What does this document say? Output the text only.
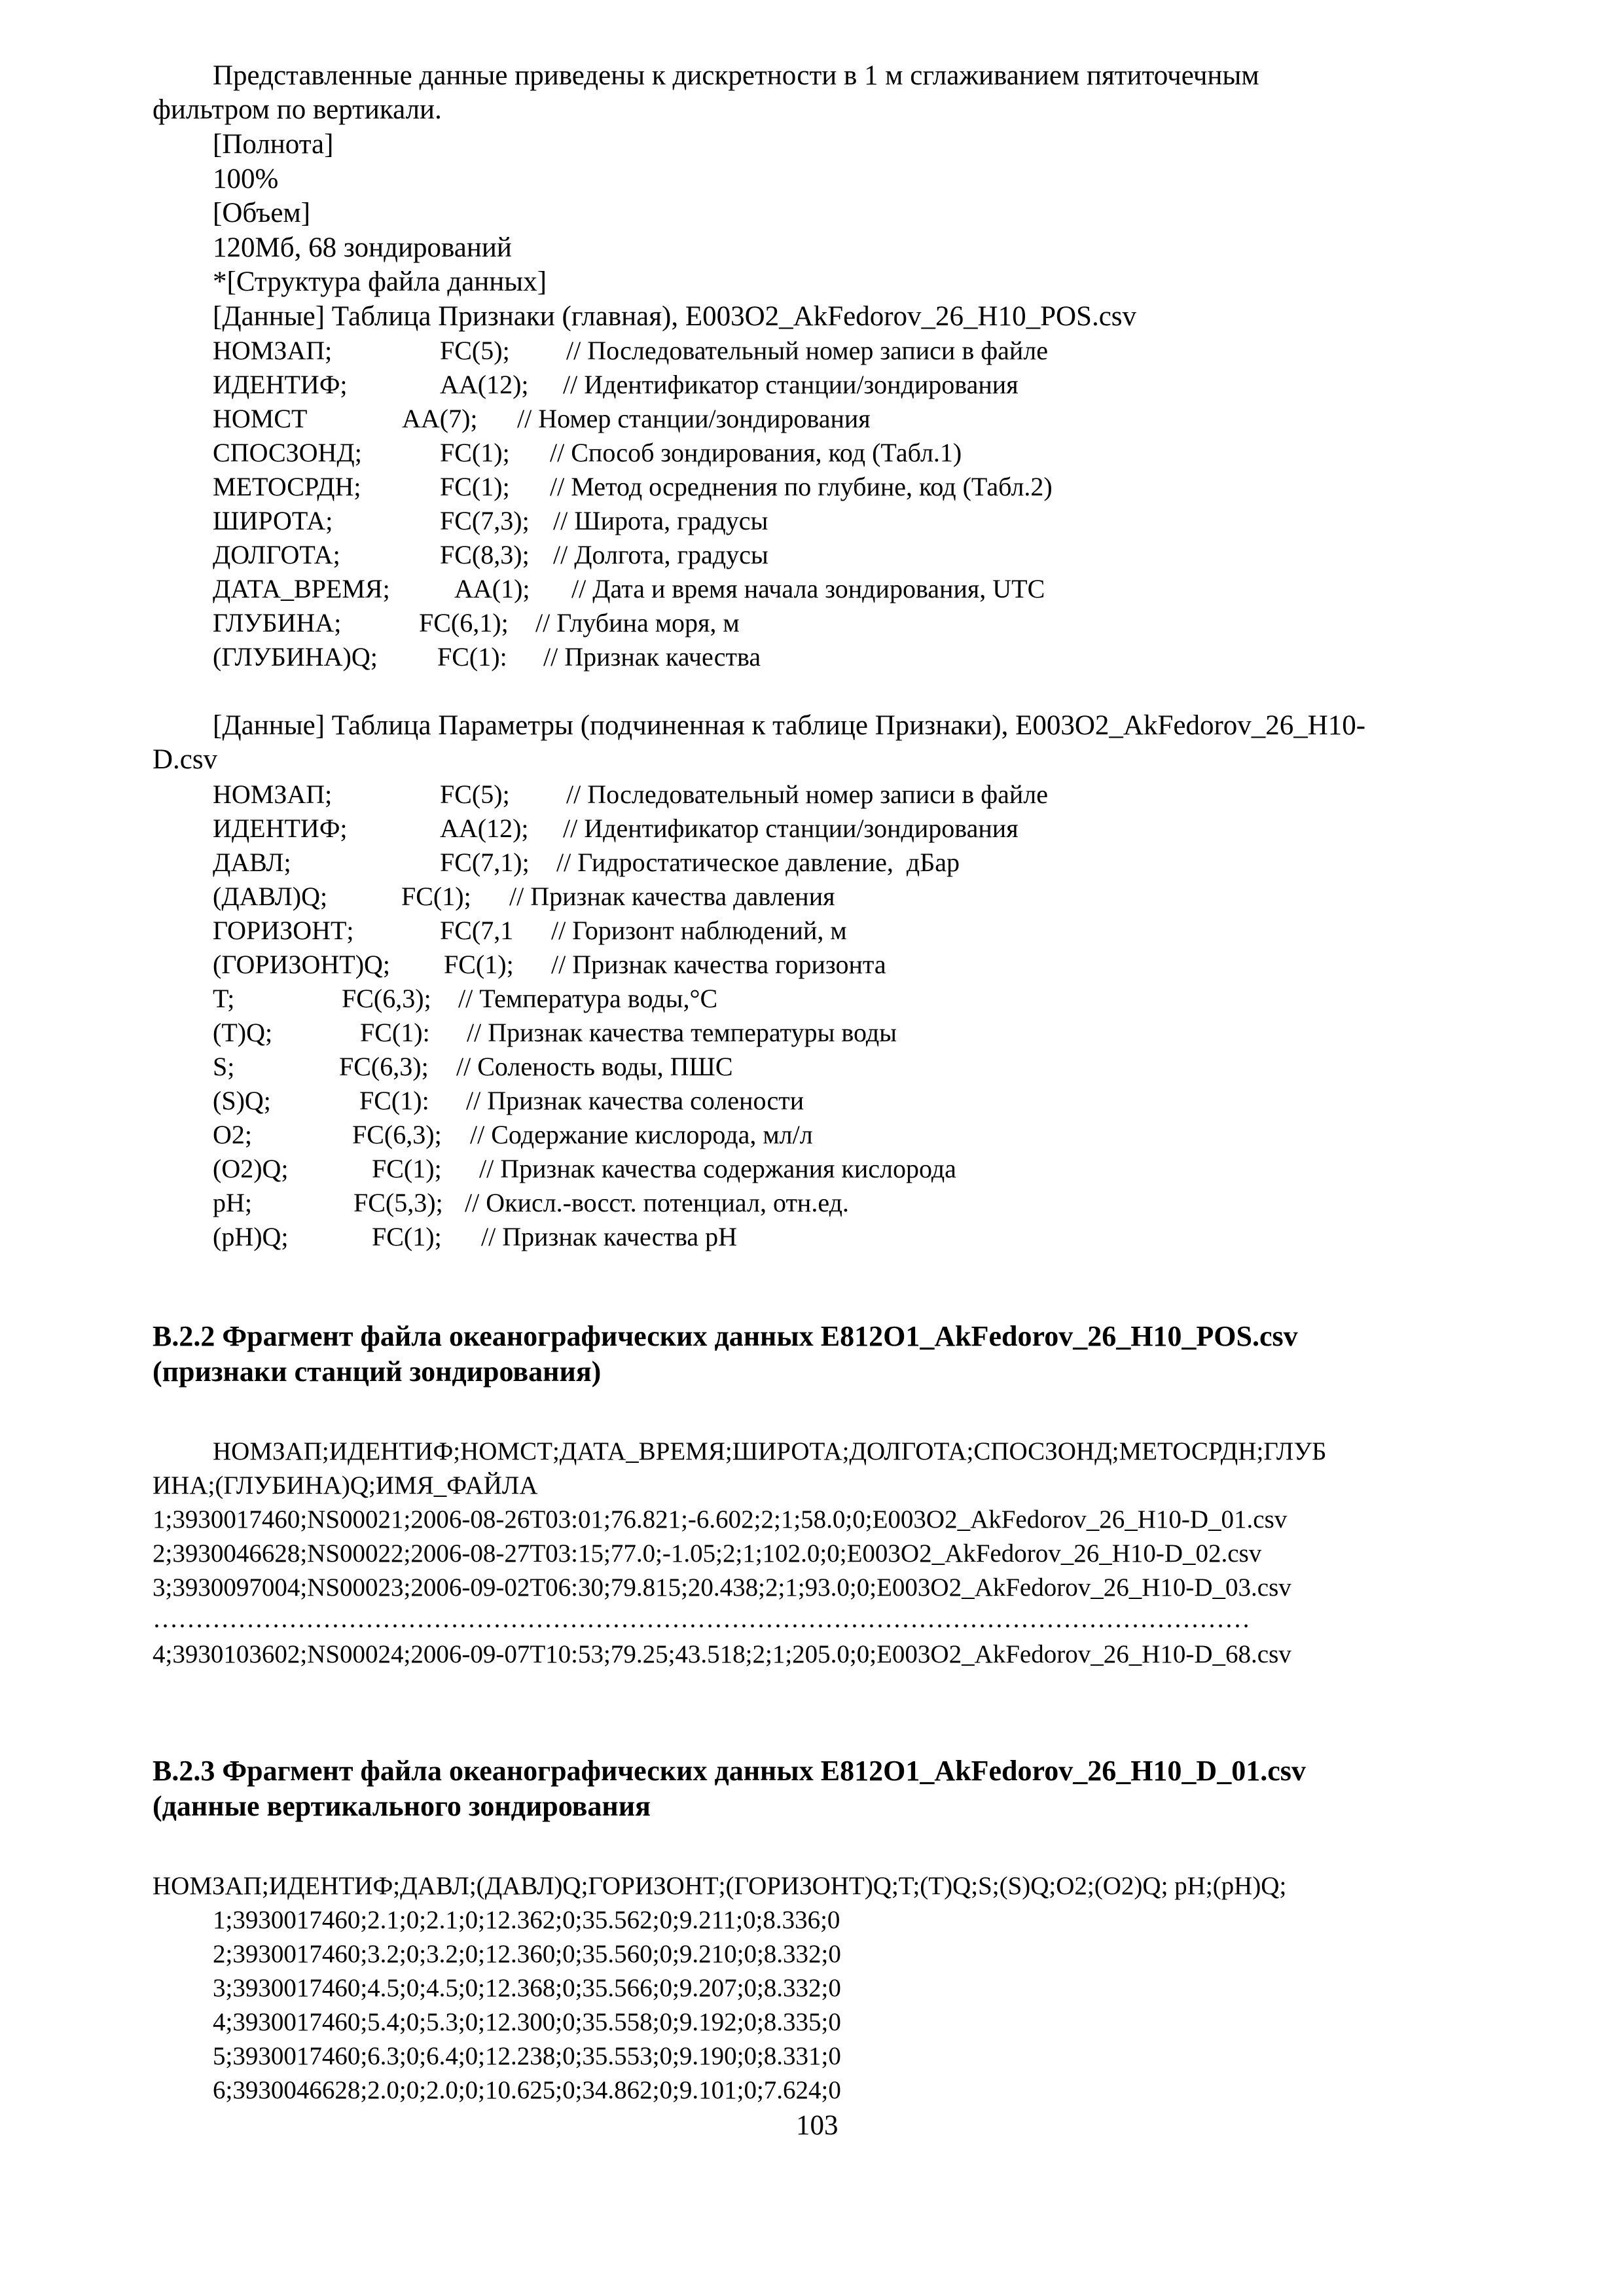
Представленные данные приведены к дискретности в 1 м сглаживанием пятиточечным
фильтром по вертикали.
[Полнота]
100%
[Объем]
120Мб, 68 зондирований
*[Структура файла данных]
[Данные] Таблица Признаки (главная), E003O2_AkFedorov_26_H10_POS.csv
НОМЗАП;	FC(5); // Последовательный номер записи в файле
ИДЕНТИФ;	AA(12); // Идентификатор станции/зондирования
НОМСТ	AA(7); // Номер станции/зондирования
СПОСЗОНД;	FC(1); // Способ зондирования, код (Табл.1)
МЕТОСРДН;	FC(1); // Метод осреднения по глубине, код (Табл.2)
ШИРОТА;	FC(7,3); // Широта, градусы
ДОЛГОТА;	FC(8,3); // Долгота, градусы
ДАТА_ВРЕМЯ; AA(1); // Дата и время начала зондирования, UTC
ГЛУБИНА;	FC(6,1); // Глубина моря, м
(ГЛУБИНА)Q; FC(1): // Признак качества
[Данные] Таблица Параметры (подчиненная к таблице Признаки), E003O2_AkFedorov_26_H10-
D.csv
НОМЗАП;	FC(5); // Последовательный номер записи в файле
ИДЕНТИФ;	AA(12); // Идентификатор станции/зондирования
ДАВЛ;	FC(7,1); // Гидростатическое давление,  дБар
(ДАВЛ)Q;	FC(1); // Признак качества давления
ГОРИЗОНТ;	FC(7,1 // Горизонт наблюдений, м
(ГОРИЗОНТ)Q; FC(1); // Признак качества горизонта
T;	FC(6,3); // Температура воды,°C
(T)Q;	FC(1): // Признак качества температуры воды
S;	FC(6,3); // Соленость воды, ПШС
(S)Q;	FC(1): // Признак качества солености
O2;	FC(6,3); // Содержание кислорода, мл/л
(O2)Q;	FC(1); // Признак качества содержания кислорода
pH;	FC(5,3); // Окисл.-восст. потенциал, отн.ед.
(pH)Q;	FC(1); // Признак качества pH
B.2.2 Фрагмент файла океанографических данных E812O1_AkFedorov_26_H10_POS.csv
(признаки станций зондирования)
НОМЗАП;ИДЕНТИФ;НОМСТ;ДАТА_ВРЕМЯ;ШИРОТА;ДОЛГОТА;СПОСЗОНД;МЕТОСРДН;ГЛУБ
ИНА;(ГЛУБИНА)Q;ИМЯ_ФАЙЛА
1;3930017460;NS00021;2006-08-26T03:01;76.821;-6.602;2;1;58.0;0;E003O2_AkFedorov_26_H10-D_01.csv
2;3930046628;NS00022;2006-08-27T03:15;77.0;-1.05;2;1;102.0;0;E003O2_AkFedorov_26_H10-D_02.csv
3;3930097004;NS00023;2006-09-02T06:30;79.815;20.438;2;1;93.0;0;E003O2_AkFedorov_26_H10-D_03.csv
…………………………………………………………………………………………………………………
4;3930103602;NS00024;2006-09-07T10:53;79.25;43.518;2;1;205.0;0;E003O2_AkFedorov_26_H10-D_68.csv
B.2.3 Фрагмент файла океанографических данных E812O1_AkFedorov_26_H10_D_01.csv
(данные вертикального зондирования
НОМЗАП;ИДЕНТИФ;ДАВЛ;(ДАВЛ)Q;ГОРИЗОНТ;(ГОРИЗОНТ)Q;T;(T)Q;S;(S)Q;O2;(O2)Q; pH;(pH)Q;
1;3930017460;2.1;0;2.1;0;12.362;0;35.562;0;9.211;0;8.336;0
2;3930017460;3.2;0;3.2;0;12.360;0;35.560;0;9.210;0;8.332;0
3;3930017460;4.5;0;4.5;0;12.368;0;35.566;0;9.207;0;8.332;0
4;3930017460;5.4;0;5.3;0;12.300;0;35.558;0;9.192;0;8.335;0
5;3930017460;6.3;0;6.4;0;12.238;0;35.553;0;9.190;0;8.331;0
6;3930046628;2.0;0;2.0;0;10.625;0;34.862;0;9.101;0;7.624;0
103
